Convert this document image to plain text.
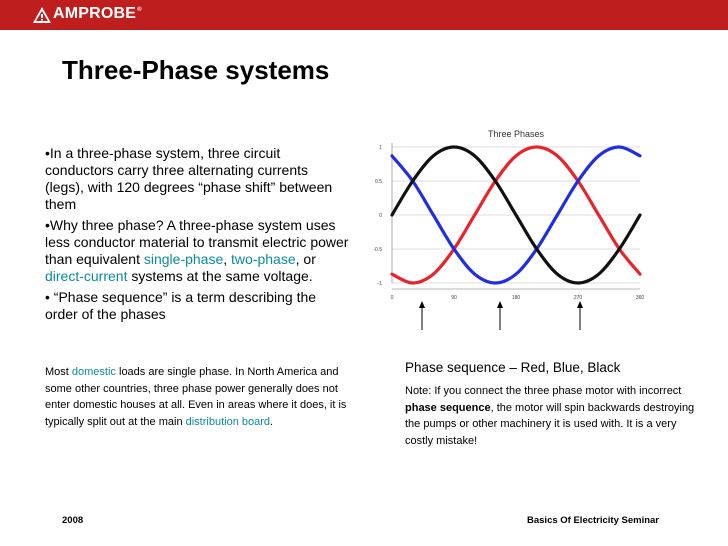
AMPROBE®
Three-Phase systems
•In a three-phase system, three circuit conductors carry three alternating currents (legs), with 120 degrees “phase shift” between them
•Why three phase? A three-phase system uses less conductor material to transmit electric power than equivalent single-phase, two-phase, or direct-current systems at the same voltage.
• “Phase sequence” is a term describing the order of the phases
Most domestic loads are single phase. In North America and some other countries, three phase power generally does not enter domestic houses at all. Even in areas where it does, it is typically split out at the main distribution board.
Three Phases
1
0.5
0
-0.5
-1
0	90	180	270	360
Phase sequence – Red, Blue, Black
Note: If you connect the three phase motor with incorrect phase sequence, the motor will spin backwards destroying the pumps or other machinery it is used with. It is a very costly mistake!
2008	Basics Of Electricity Seminar
